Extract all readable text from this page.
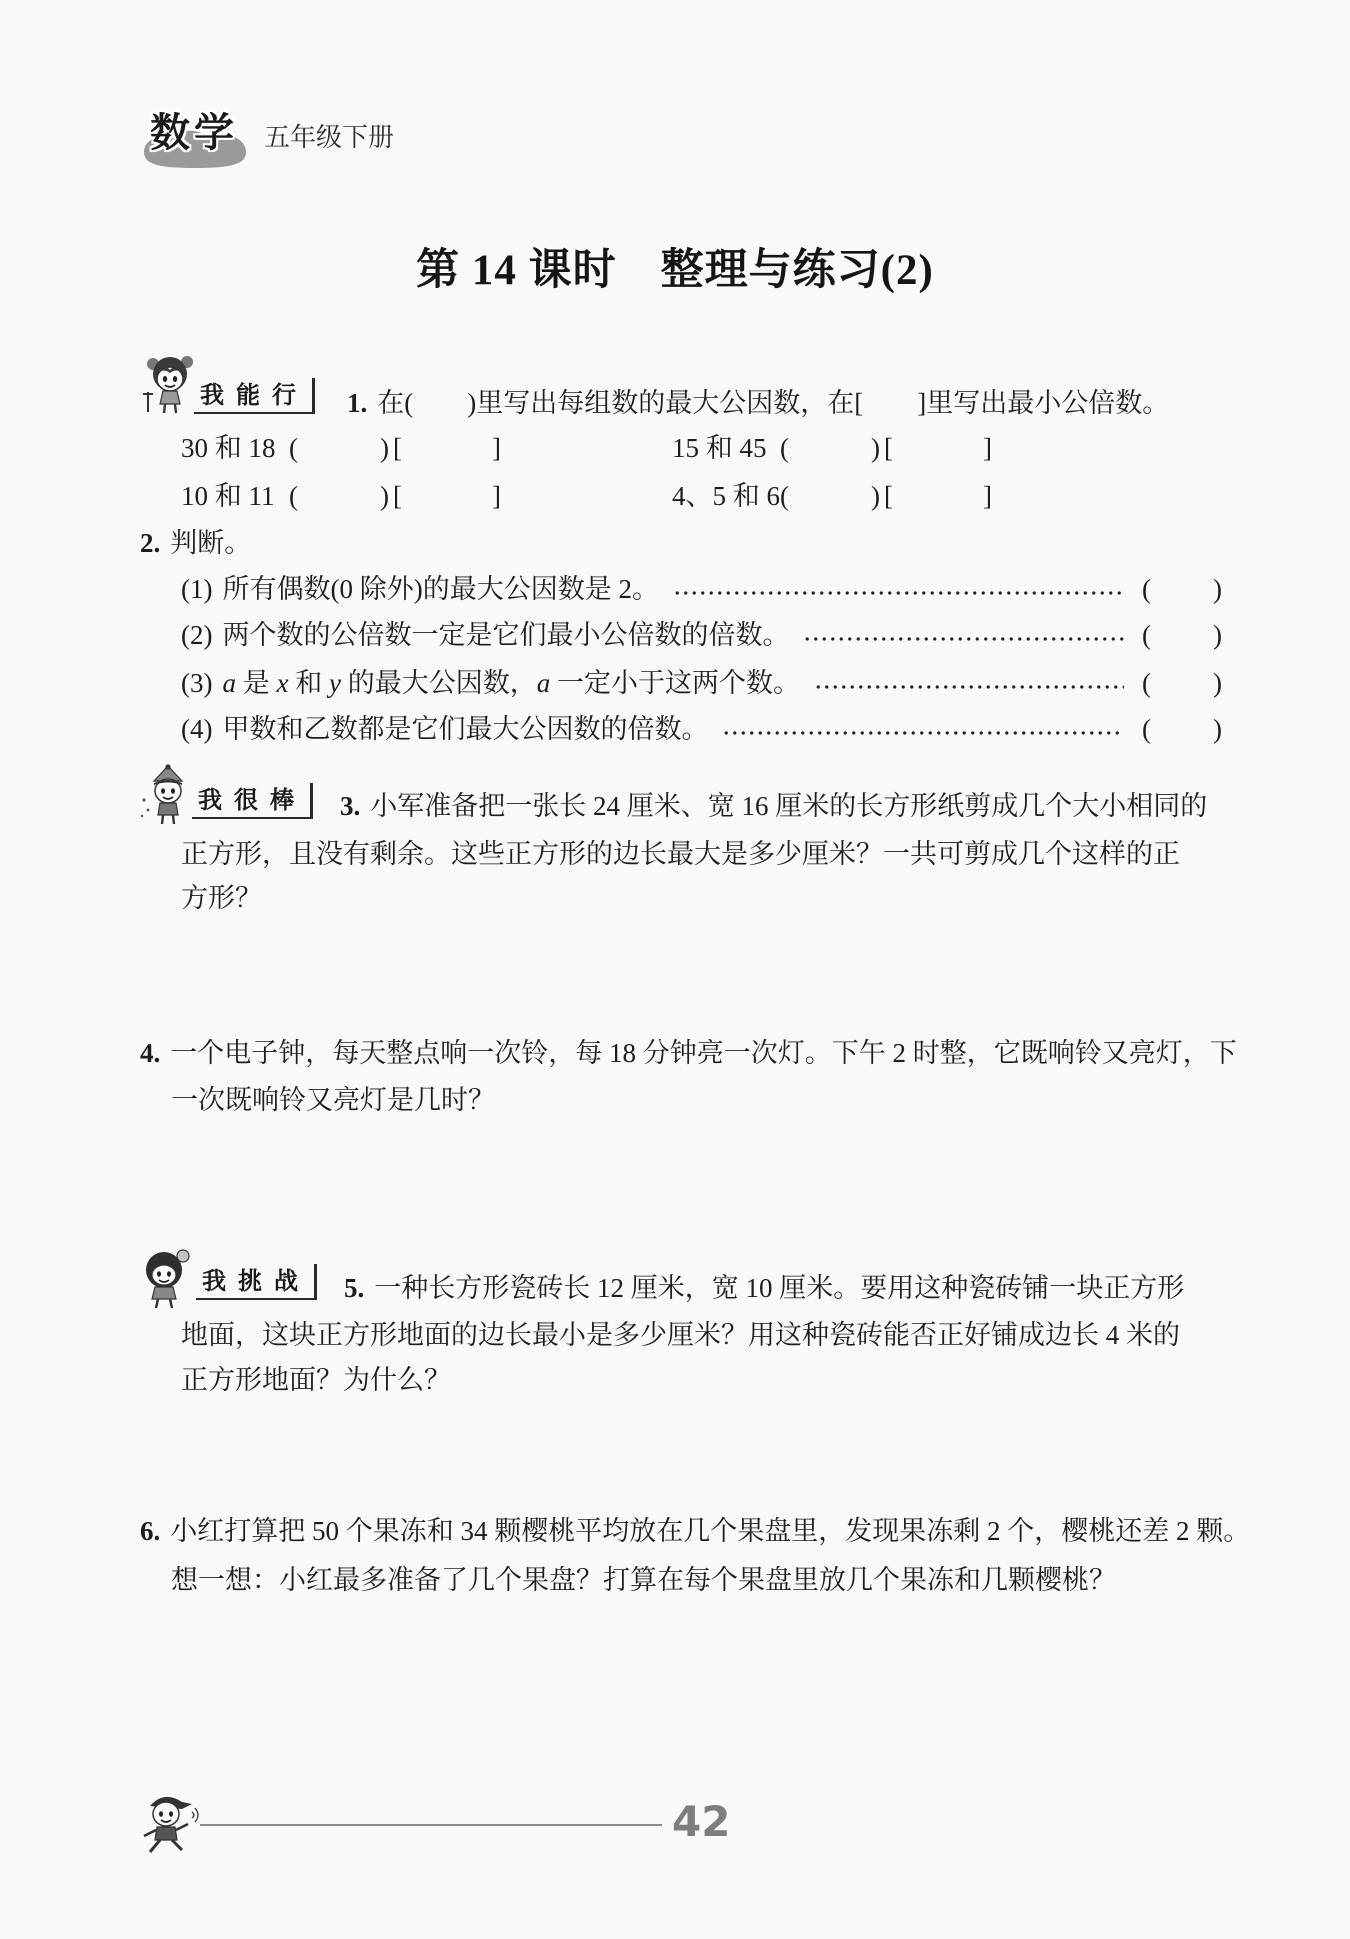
数学 五年级下册
第 14 课时　整理与练习(2)
我能行 1. 在(　　)里写出每组数的最大公因数，在[　　]里写出最小公倍数。
30 和 18 (	) [	]	15 和 45 (	) [	]
10 和 11 (	) [	]	4、5 和 6 (	) [	]
2. 判断。
(1) 所有偶数(0 除外)的最大公因数是 2。	( )
(2) 两个数的公倍数一定是它们最小公倍数的倍数。	( )
(3) a 是 x 和 y 的最大公因数，a 一定小于这两个数。	( )
(4) 甲数和乙数都是它们最大公因数的倍数。	( )
我很棒 3. 小军准备把一张长 24 厘米、宽 16 厘米的长方形纸剪成几个大小相同的
正方形，且没有剩余。这些正方形的边长最大是多少厘米？一共可剪成几个这样的正
方形？
4. 一个电子钟，每天整点响一次铃，每 18 分钟亮一次灯。下午 2 时整，它既响铃又亮灯，下
一次既响铃又亮灯是几时？
我挑战 5. 一种长方形瓷砖长 12 厘米，宽 10 厘米。要用这种瓷砖铺一块正方形
地面，这块正方形地面的边长最小是多少厘米？用这种瓷砖能否正好铺成边长 4 米的
正方形地面？为什么？
6. 小红打算把 50 个果冻和 34 颗樱桃平均放在几个果盘里，发现果冻剩 2 个，樱桃还差 2 颗。
想一想：小红最多准备了几个果盘？打算在每个果盘里放几个果冻和几颗樱桃？
42
